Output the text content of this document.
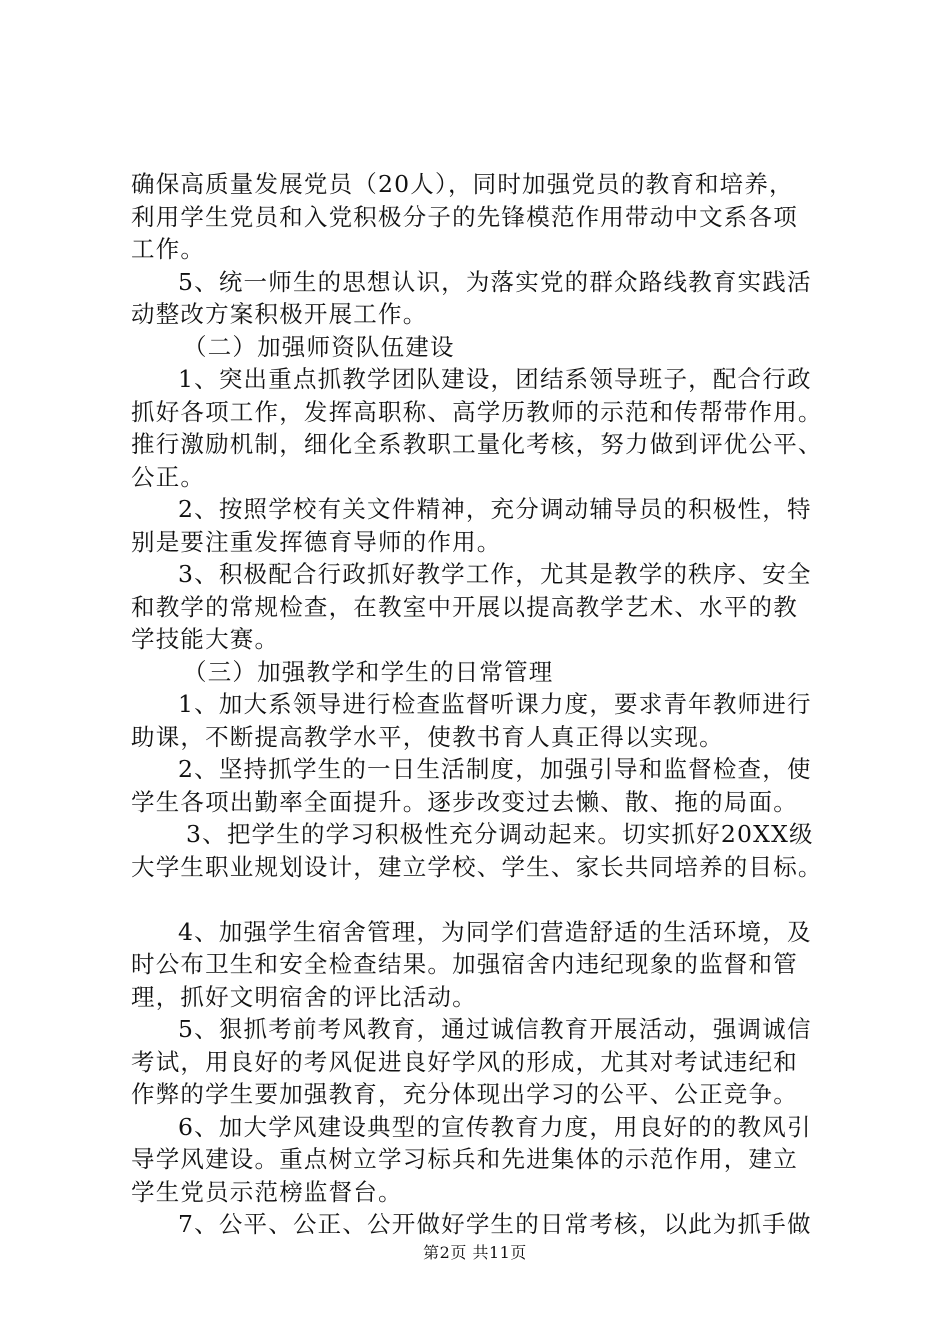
确保高质量发展党员（20人），同时加强党员的教育和培养，
利用学生党员和入党积极分子的先锋模范作用带动中文系各项
工作。
5、统一师生的思想认识，为落实党的群众路线教育实践活
动整改方案积极开展工作。
（二）加强师资队伍建设
1、突出重点抓教学团队建设，团结系领导班子，配合行政
抓好各项工作，发挥高职称、高学历教师的示范和传帮带作用。
推行激励机制，细化全系教职工量化考核，努力做到评优公平、
公正。
2、按照学校有关文件精神，充分调动辅导员的积极性，特
别是要注重发挥德育导师的作用。
3、积极配合行政抓好教学工作，尤其是教学的秩序、安全
和教学的常规检查，在教室中开展以提高教学艺术、水平的教
学技能大赛。
（三）加强教学和学生的日常管理
1、加大系领导进行检查监督听课力度，要求青年教师进行
助课，不断提高教学水平，使教书育人真正得以实现。
2、坚持抓学生的一日生活制度，加强引导和监督检查，使
学生各项出勤率全面提升。逐步改变过去懒、散、拖的局面。
3、把学生的学习积极性充分调动起来。切实抓好20XX级
大学生职业规划设计，建立学校、学生、家长共同培养的目标。
4、加强学生宿舍管理，为同学们营造舒适的生活环境，及
时公布卫生和安全检查结果。加强宿舍内违纪现象的监督和管
理，抓好文明宿舍的评比活动。
5、狠抓考前考风教育，通过诚信教育开展活动，强调诚信
考试，用良好的考风促进良好学风的形成，尤其对考试违纪和
作弊的学生要加强教育，充分体现出学习的公平、公正竞争。
6、加大学风建设典型的宣传教育力度，用良好的的教风引
导学风建设。重点树立学习标兵和先进集体的示范作用，建立
学生党员示范榜监督台。
7、公平、公正、公开做好学生的日常考核，以此为抓手做
第2页 共11页
